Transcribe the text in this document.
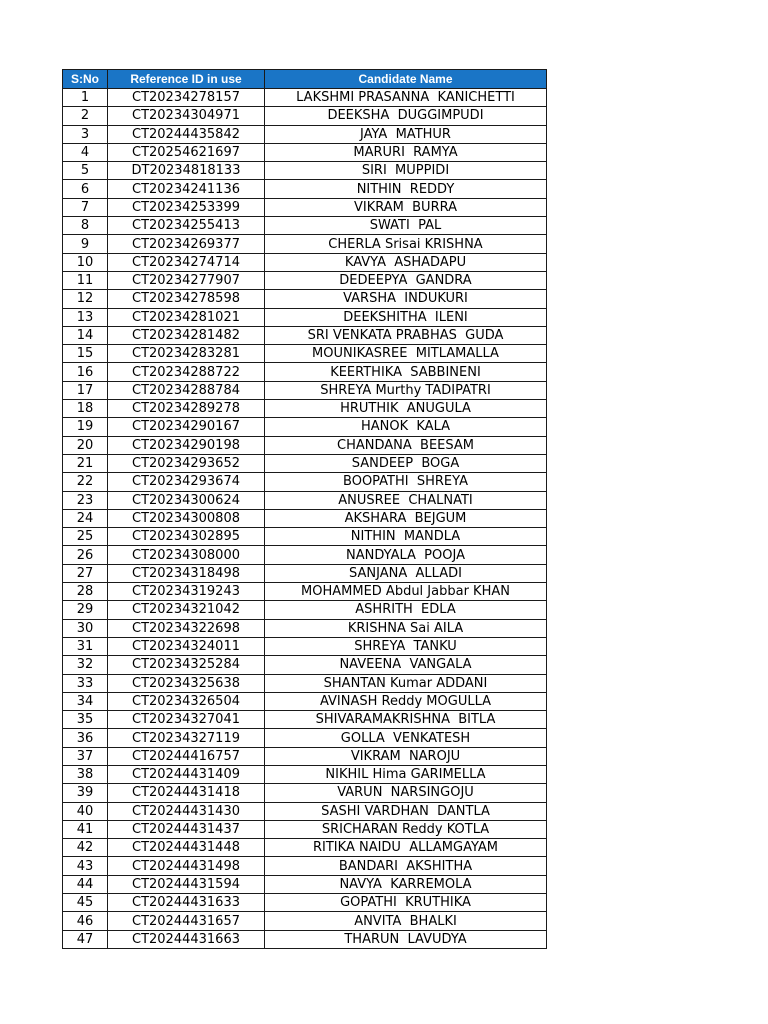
S:No	Reference ID in use	Candidate Name
1	CT20234278157	LAKSHMI PRASANNA  KANICHETTI
2	CT20234304971	DEEKSHA  DUGGIMPUDI
3	CT20244435842	JAYA  MATHUR
4	CT20254621697	MARURI  RAMYA
5	DT20234818133	SIRI  MUPPIDI
6	CT20234241136	NITHIN  REDDY
7	CT20234253399	VIKRAM  BURRA
8	CT20234255413	SWATI  PAL
9	CT20234269377	CHERLA Srisai KRISHNA
10	CT20234274714	KAVYA  ASHADAPU
11	CT20234277907	DEDEEPYA  GANDRA
12	CT20234278598	VARSHA  INDUKURI
13	CT20234281021	DEEKSHITHA  ILENI
14	CT20234281482	SRI VENKATA PRABHAS  GUDA
15	CT20234283281	MOUNIKASREE  MITLAMALLA
16	CT20234288722	KEERTHIKA  SABBINENI
17	CT20234288784	SHREYA Murthy TADIPATRI
18	CT20234289278	HRUTHIK  ANUGULA
19	CT20234290167	HANOK  KALA
20	CT20234290198	CHANDANA  BEESAM
21	CT20234293652	SANDEEP  BOGA
22	CT20234293674	BOOPATHI  SHREYA
23	CT20234300624	ANUSREE  CHALNATI
24	CT20234300808	AKSHARA  BEJGUM
25	CT20234302895	NITHIN  MANDLA
26	CT20234308000	NANDYALA  POOJA
27	CT20234318498	SANJANA  ALLADI
28	CT20234319243	MOHAMMED Abdul Jabbar KHAN
29	CT20234321042	ASHRITH  EDLA
30	CT20234322698	KRISHNA Sai AILA
31	CT20234324011	SHREYA  TANKU
32	CT20234325284	NAVEENA  VANGALA
33	CT20234325638	SHANTAN Kumar ADDANI
34	CT20234326504	AVINASH Reddy MOGULLA
35	CT20234327041	SHIVARAMAKRISHNA  BITLA
36	CT20234327119	GOLLA  VENKATESH
37	CT20244416757	VIKRAM  NAROJU
38	CT20244431409	NIKHIL Hima GARIMELLA
39	CT20244431418	VARUN  NARSINGOJU
40	CT20244431430	SASHI VARDHAN  DANTLA
41	CT20244431437	SRICHARAN Reddy KOTLA
42	CT20244431448	RITIKA NAIDU  ALLAMGAYAM
43	CT20244431498	BANDARI  AKSHITHA
44	CT20244431594	NAVYA  KARREMOLA
45	CT20244431633	GOPATHI  KRUTHIKA
46	CT20244431657	ANVITA  BHALKI
47	CT20244431663	THARUN  LAVUDYA
